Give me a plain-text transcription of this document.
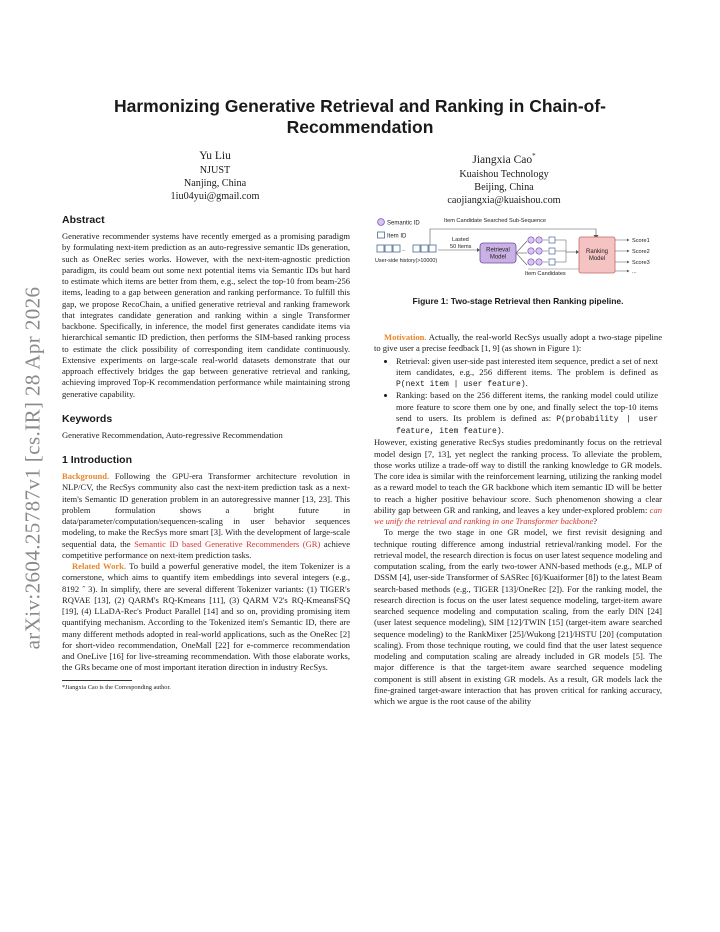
arXiv:2604.25787v1 [cs.IR] 28 Apr 2026
Harmonizing Generative Retrieval and Ranking in Chain-of-Recommendation
Yu Liu
NJUST
Nanjing, China
1iu04yui@gmail.com
Jiangxia Cao*
Kuaishou Technology
Beijing, China
caojiangxia@kuaishou.com
Abstract

Generative recommender systems have recently emerged as a promising paradigm by formulating next-item prediction as an auto-regressive semantic IDs generation, such as OneRec series works. However, with the next-item-agnostic prediction paradigm, its could beam out some next potential items via Semantic IDs but hard to estimate which items are better from them, e.g., select the top-10 from beam-256 items, leading to a gap between generation and ranking performance. To fulfill this gap, we propose RecoChain, a unified generative retrieval and ranking framework that integrates candidate generation and ranking within a single Transformer backbone. Specifically, in inference, the model first generates candidate items via hierarchical semantic ID prediction, then performs the SIM-based ranking process to estimate the click possibility of corresponding item candidate continuously. Extensive experiments on large-scale real-world datasets demonstrate that our approach effectively bridges the gap between generative retrieval and ranking, achieving improved Top-K recommendation performance while maintaining strong generative capability.

Keywords

Generative Recommendation, Auto-regressive Recommendation

1 Introduction

Background. Following the GPU-era Transformer architecture revolution in NLP/CV, the RecSys community also cast the next-item prediction task as a next-item's Semantic ID generation problem in an autoregressive manner [13, 23]. This problem formulation shows a bright future in data/parameter/computation/sequencen-scaling in user behavior sequences modeling, to make the RecSys more smart [3]. With the development of large-scale sequential data, the Semantic ID based Generative Recommenders (GR) achieve competitive performance on next-item prediction tasks.

Related Work. To build a powerful generative model, the item Tokenizer is a cornerstone, which aims to quantify item embeddings into several integers (e.g., 8192 ˆ 3). In simplify, there are several different Tokenizer variants: (1) TIGER's RQVAE [13], (2) QARM's RQ-Kmeans [11], (3) QARM V2's RQ-KmeansFSQ [19], (4) LLaDA-Rec's Product Parallel [14] and so on, providing promising item quantifying mechanism. According to the Tokenized item's Semantic ID, there are many different methods adopted in real-world applications, such as the OneRec [2] for short-video recommendation, OneMall [22] for e-commerce recommendation and OneLive [16] for live-streaming recommendation. With those elaborate works, the GRs became one of most important iteration direction in industry RecSys.

*Jiangxia Cao is the Corresponding author.
Semantic ID
Item ID
Item Candidate Searched Sub-Sequence
...
User-side history(>10000)
Lasted
50 Items
Retrieval
Model
Item Candidates
Ranking
Model
Score1
Score2
Score3
...
Figure 1: Two-stage Retrieval then Ranking pipeline.

Motivation. Actually, the real-world RecSys usually adopt a two-stage pipeline to give user a precise feedback [1, 9] (as shown in Figure 1):

• Retrieval: given user-side past interested item sequence, predict a set of next item candidates, e.g., 256 different items. The problem is defined as P(next item | user feature).
• Ranking: based on the 256 different items, the ranking model could utilize more feature to score them one by one, and finally select the top-10 items send to users. Its problem is defined as: P(probability | user feature, item feature).

However, existing generative RecSys studies predominantly focus on the retrieval model design [7, 13], yet neglect the ranking process. To alleviate the problem, those works utilize a trade-off way to distill the ranking knowledge to GR models. The core idea is similar with the reinforcement learning, utilizing the ranking model as a reward model to teach the GR backbone which item semantic ID will be better to reach a higher positive behaviour score. Such phenomenon showing a clear ability gap between GR and ranking, and leaves a key under-explored problem: can we unify the retrieval and ranking in one Transformer backbone?

To merge the two stage in one GR model, we first revisit designing and technique routing difference among industrial retrieval/ranking model. For the retrieval model, the research direction is focus on user latest sequence modeling and computation scaling, from the early two-tower ANN-based methods (e.g., MLP of DSSM [4], user-side Transformer of SASRec [6]/Kuaiformer [8]) to the latest Beam search-based methods (e.g., TIGER [13]/OneRec [2]). For the ranking model, the research direction is focus on the user latest sequence modeling, target-item aware searched sequence modeling and computation scaling, from the early DIN [24] (user latest sequence modeling), SIM [12]/TWIN [15] (target-item aware searched sequence modeling) to the RankMixer [25]/Wukong [21]/HSTU [20] (computation scaling). From those technique routing, we could find that the user latest sequence modeling and computation scaling are already included in GR models [5]. The major difference is that the target-item aware searched sequence modeling component is still absent in existing GR models. As a result, GR models lack the fine-grained target-aware interaction that has proven critical for ranking accuracy, which we argue is the root cause of the ability
